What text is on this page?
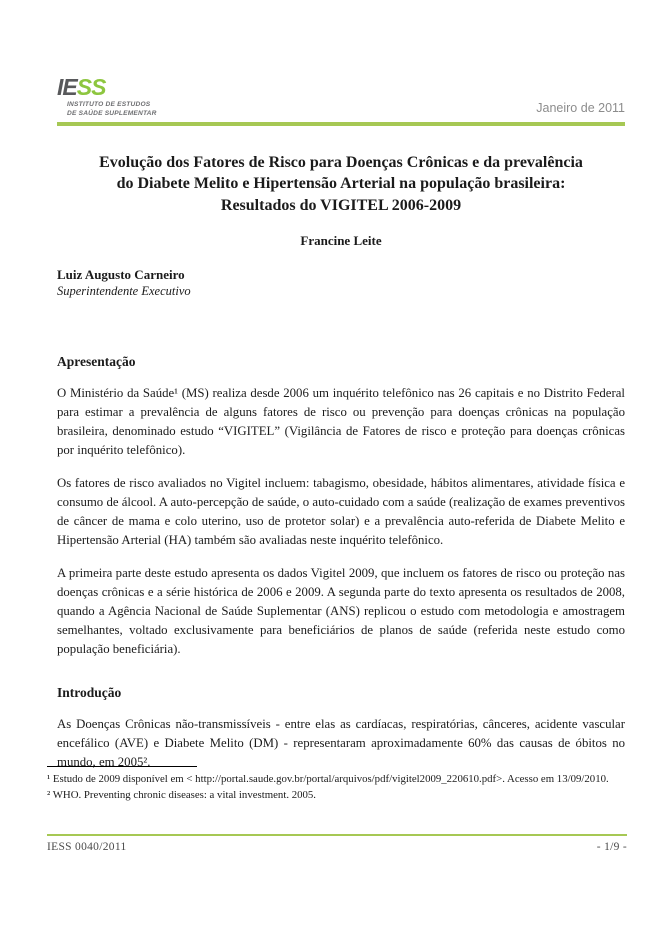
IESS
INSTITUTO DE ESTUDOS
DE SAÚDE SUPLEMENTAR	Janeiro de 2011
Evolução dos Fatores de Risco para Doenças Crônicas e da prevalência
do Diabete Melito e Hipertensão Arterial na população brasileira:
Resultados do VIGITEL 2006-2009
Francine Leite
Luiz Augusto Carneiro
Superintendente Executivo
Apresentação

O Ministério da Saúde¹ (MS) realiza desde 2006 um inquérito telefônico nas 26 capitais e no Distrito Federal para estimar a prevalência de alguns fatores de risco ou prevenção para doenças crônicas na população brasileira, denominado estudo “VIGITEL” (Vigilância de Fatores de risco e proteção para doenças crônicas por inquérito telefônico).

Os fatores de risco avaliados no Vigitel incluem: tabagismo, obesidade, hábitos alimentares, atividade física e consumo de álcool. A auto-percepção de saúde, o auto-cuidado com a saúde (realização de exames preventivos de câncer de mama e colo uterino, uso de protetor solar) e a prevalência auto-referida de Diabete Melito e Hipertensão Arterial (HA) também são avaliadas neste inquérito telefônico.

A primeira parte deste estudo apresenta os dados Vigitel 2009, que incluem os fatores de risco ou proteção nas doenças crônicas e a série histórica de 2006 e 2009. A segunda parte do texto apresenta os resultados de 2008, quando a Agência Nacional de Saúde Suplementar (ANS) replicou o estudo com metodologia e amostragem semelhantes, voltado exclusivamente para beneficiários de planos de saúde (referida neste estudo como população beneficiária).

Introdução

As Doenças Crônicas não-transmissíveis - entre elas as cardíacas, respiratórias, cânceres, acidente vascular encefálico (AVE) e Diabete Melito (DM) - representaram aproximadamente 60% das causas de óbitos no mundo, em 2005².

¹ Estudo de 2009 disponível em < http://portal.saude.gov.br/portal/arquivos/pdf/vigitel2009_220610.pdf>. Acesso em 13/09/2010.
² WHO. Preventing chronic diseases: a vital investment. 2005.
IESS 0040/2011	- 1/9 -
